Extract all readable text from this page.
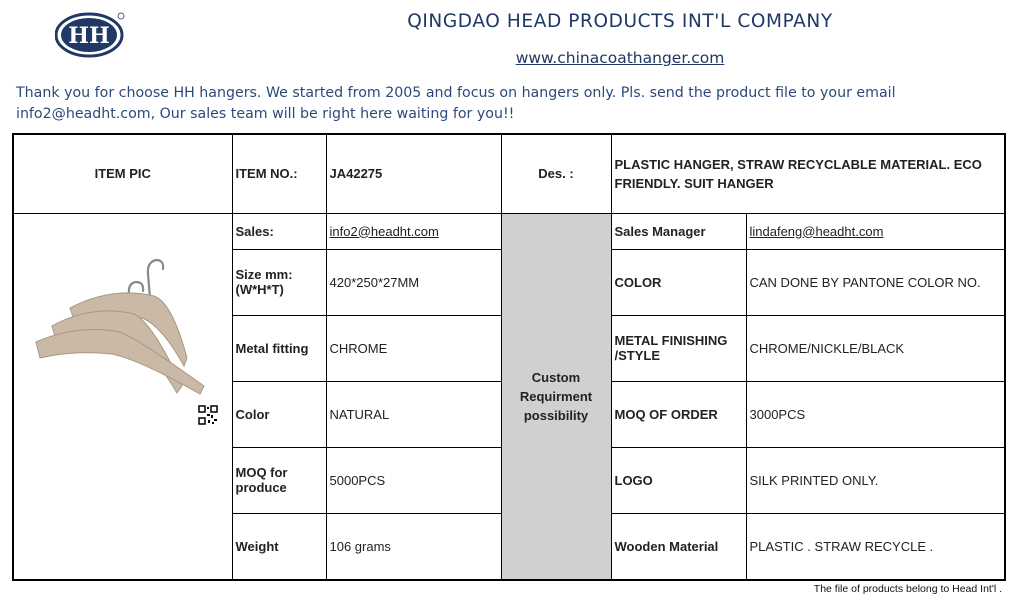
HH
QINGDAO HEAD PRODUCTS INT'L COMPANY
www.chinacoathanger.com
Thank you for choose HH hangers. We started from 2005 and focus on hangers only. Pls. send the product file to your email
info2@headht.com, Our sales team will be right here waiting for you!!
ITEM PIC	ITEM NO.:	JA42275	Des. :	PLASTIC HANGER, STRAW RECYCLABLE MATERIAL. ECO FRIENDLY. SUIT HANGER	

	Sales:	info2@headht.com	Custom Requirment possibility	Sales Manager	lindafeng@headht.com
	Size mm: (W*H*T)	420*250*27MM		COLOR	CAN DONE BY PANTONE COLOR NO.
	Metal fitting	CHROME		METAL FINISHING /STYLE	CHROME/NICKLE/BLACK
	Color	NATURAL		MOQ OF ORDER	3000PCS
	MOQ for produce	5000PCS		LOGO	SILK PRINTED ONLY.
	Weight	106 grams		Wooden Material	PLASTIC . STRAW RECYCLE .
The file of products belong to Head Int'l .
